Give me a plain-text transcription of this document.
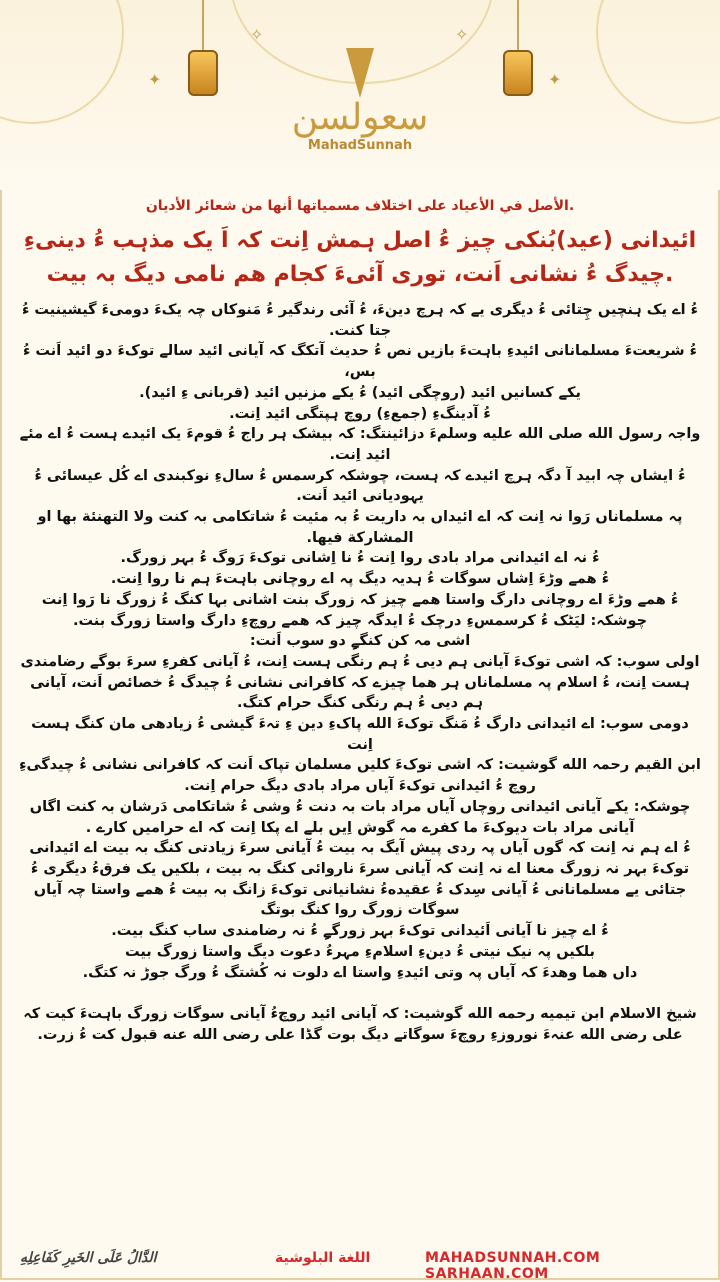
✦	✦
✧	✧
سعولسن
MahadSunnah
الأصل في الأعياد على اختلاف مسمياتها أنها من شعائر الأديان.
ائیدانی (عید)بُنکی چیز ءُ اصل ہمش اِنت کہ اَ یک مذہب ءُ دینیءِ
چیدگ ءُ نشانی اَنت، توری آئیءَ کجام هم نامی دیگ بہ بیت.

ءُ اے یک ہنچیں چِتائی ءُ دیگری یے کہ ہرچ دینءَ، ءُ آئی رندگیر ءُ مَنوکاں چہ یکءَ دومیءَ گیشینیت ءُ جتا کنت.

ءُ شریعتءَ مسلمانانی ائیدءِ باہتءَ بازیں نص ءُ حدیث آتکگ کہ آیانی ائید سالے توکءَ دو ائید اَنت ءُ بس،

یکے کسانیں ائید (روچگی ائید) ءُ یکے مزنیں ائید (قربانی ءِ ائید).

ءُ آدینگءِ (جمعءِ) روچ ہپتگی ائید اِنت.

واجہ رسول الله صلی الله علیه وسلمءَ دزائینتگ: کہ بیشک ہر راج ءُ قومءَ یک ائیدے ہست ءُ اے مئے ائید اِنت.

ءُ ایشاں چہ ابید آ دگہ ہرچ ائیدے کہ ہست، چوشکہ کرسمس ءُ سالءِ نوکبندی اے کُل عیسائی ءُ یہودیانی ائید اَنت.

پہ مسلماناں رَوا نہ اِنت کہ اے ائیداں بہ داریت ءُ بہ مئیت ءُ شاتکامی بہ کنت ولا التهنئة بها او المشاركة فيها.

ءُ نہ اے ائیدانی مراد بادی روا اِنت ءُ نا اِشانی توکءَ رَوگ ءُ بہر زورگ.

ءُ ھمے وڑءَ اِشاں سوگات ءُ ہدیہ دیگ پہ اے روچانی باہتءَ ہم نا روا اِنت.

ءُ ھمے وڑءَ اے روچانی دارگ واستا ھمے چیز کہ زورگ بنت اشانی بہا کنگ ءُ زورگ نا رَوا اِنت چوشکہ: لیَٹک ءُ کرسمسءِ درچک ءُ ایدگہ چیز کہ ھمے روچءِ دارگ واستا زورگ بنت.

اشی مہ کن کنگےِ دو سوب اَنت:

اولی سوب: کہ اشی توکءَ آیانی ہم دیی ءُ ہم رنگی ہست اِنت، ءُ آیانی کفرءِ سرءَ بوگے رضامندی ہست اِنت، ءُ اسلام پہ مسلماناں ہر ھما چیزے کہ کافرانی نشانی ءُ چیدگ ءُ خصائص اَنت، آیانی ہم دیی ءُ ہم رنگی کنگ حرام کتگ.

دومی سوب: اے ائیدانی دارگ ءُ مَنگ توکءَ الله پاکءِ دین ءِ تہءَ گیشی ءُ زیادھی مان کنگ ہست اِنت

ابن القیم رحمہ الله گوشیت: کہ اشی توکءَ کلیں مسلمان تپاک اَنت کہ کافرانی نشانی ءُ چیدگیءِ روچ ءُ ائیدانی توکءَ آیاں مراد بادی دیگ حرام اِنت.

چوشکہ: یکے آیانی ائیدانی روچاں آیاں مراد بات بہ دنت ءُ وشی ءُ شاتکامی دَرشان بہ کنت اگاں آیانی مراد بات دیوکءَ ما کفرے مہ گوش اِیں بلے اے پکا اِنت کہ اے حرامیں کارے .

ءُ اے ہم نہ اِنت کہ گوں آیاں پہ ردی پیش آیگ بہ بیت ءُ آیانی سرءَ زیادتی کنگ بہ بیت اے ائیدانی توکءَ بہر نہ زورگ معنا اے نہ اِنت کہ آیانی سرءَ ناروائی کنگ بہ بیت ، بلکیں یک فرقءُ دیگری ءُ جتائی یے مسلمانانی ءُ آیانی سِدک ءُ عقیدهءُ نشانیانی توکءَ زانگ بہ بیت ءُ ھمے واستا چہ آیاں سوگات زورگ روا کنگ بوتگ

ءُ اے چیز نا آیانی اَئیدانی توکءَ بہر زورگےِ ءُ نہ رضامندی ساب کنگ بیت.

بلکیں پہ نیک نیتی ءُ دینءِ اسلامءِ مہرءُ دعوت دیگ واستا زورگ بیت

داں ھما وھدءَ کہ آیاں پہ وتی ائیدءِ واستا اے دلوت نہ کُشتگ ءُ ورگ جوڑ نہ کتگ.

شیخ الاسلام ابن تیمیه رحمه الله گوشیت: کہ آیانی ائید روچءُ آیانی سوگات زورگ باہتءَ کیت کہ علی رضی الله عنہءَ نوروزءِ روچءَ سوگاتے دیگ بوت گڈا علی رضی الله عنه قبول کت ءُ زرت.

الدَّالُ عَلَى الخَيرِ كَفَاعِلِهِ	اللغة البلوشية	MAHADSUNNAH.COM SARHAAN.COM
